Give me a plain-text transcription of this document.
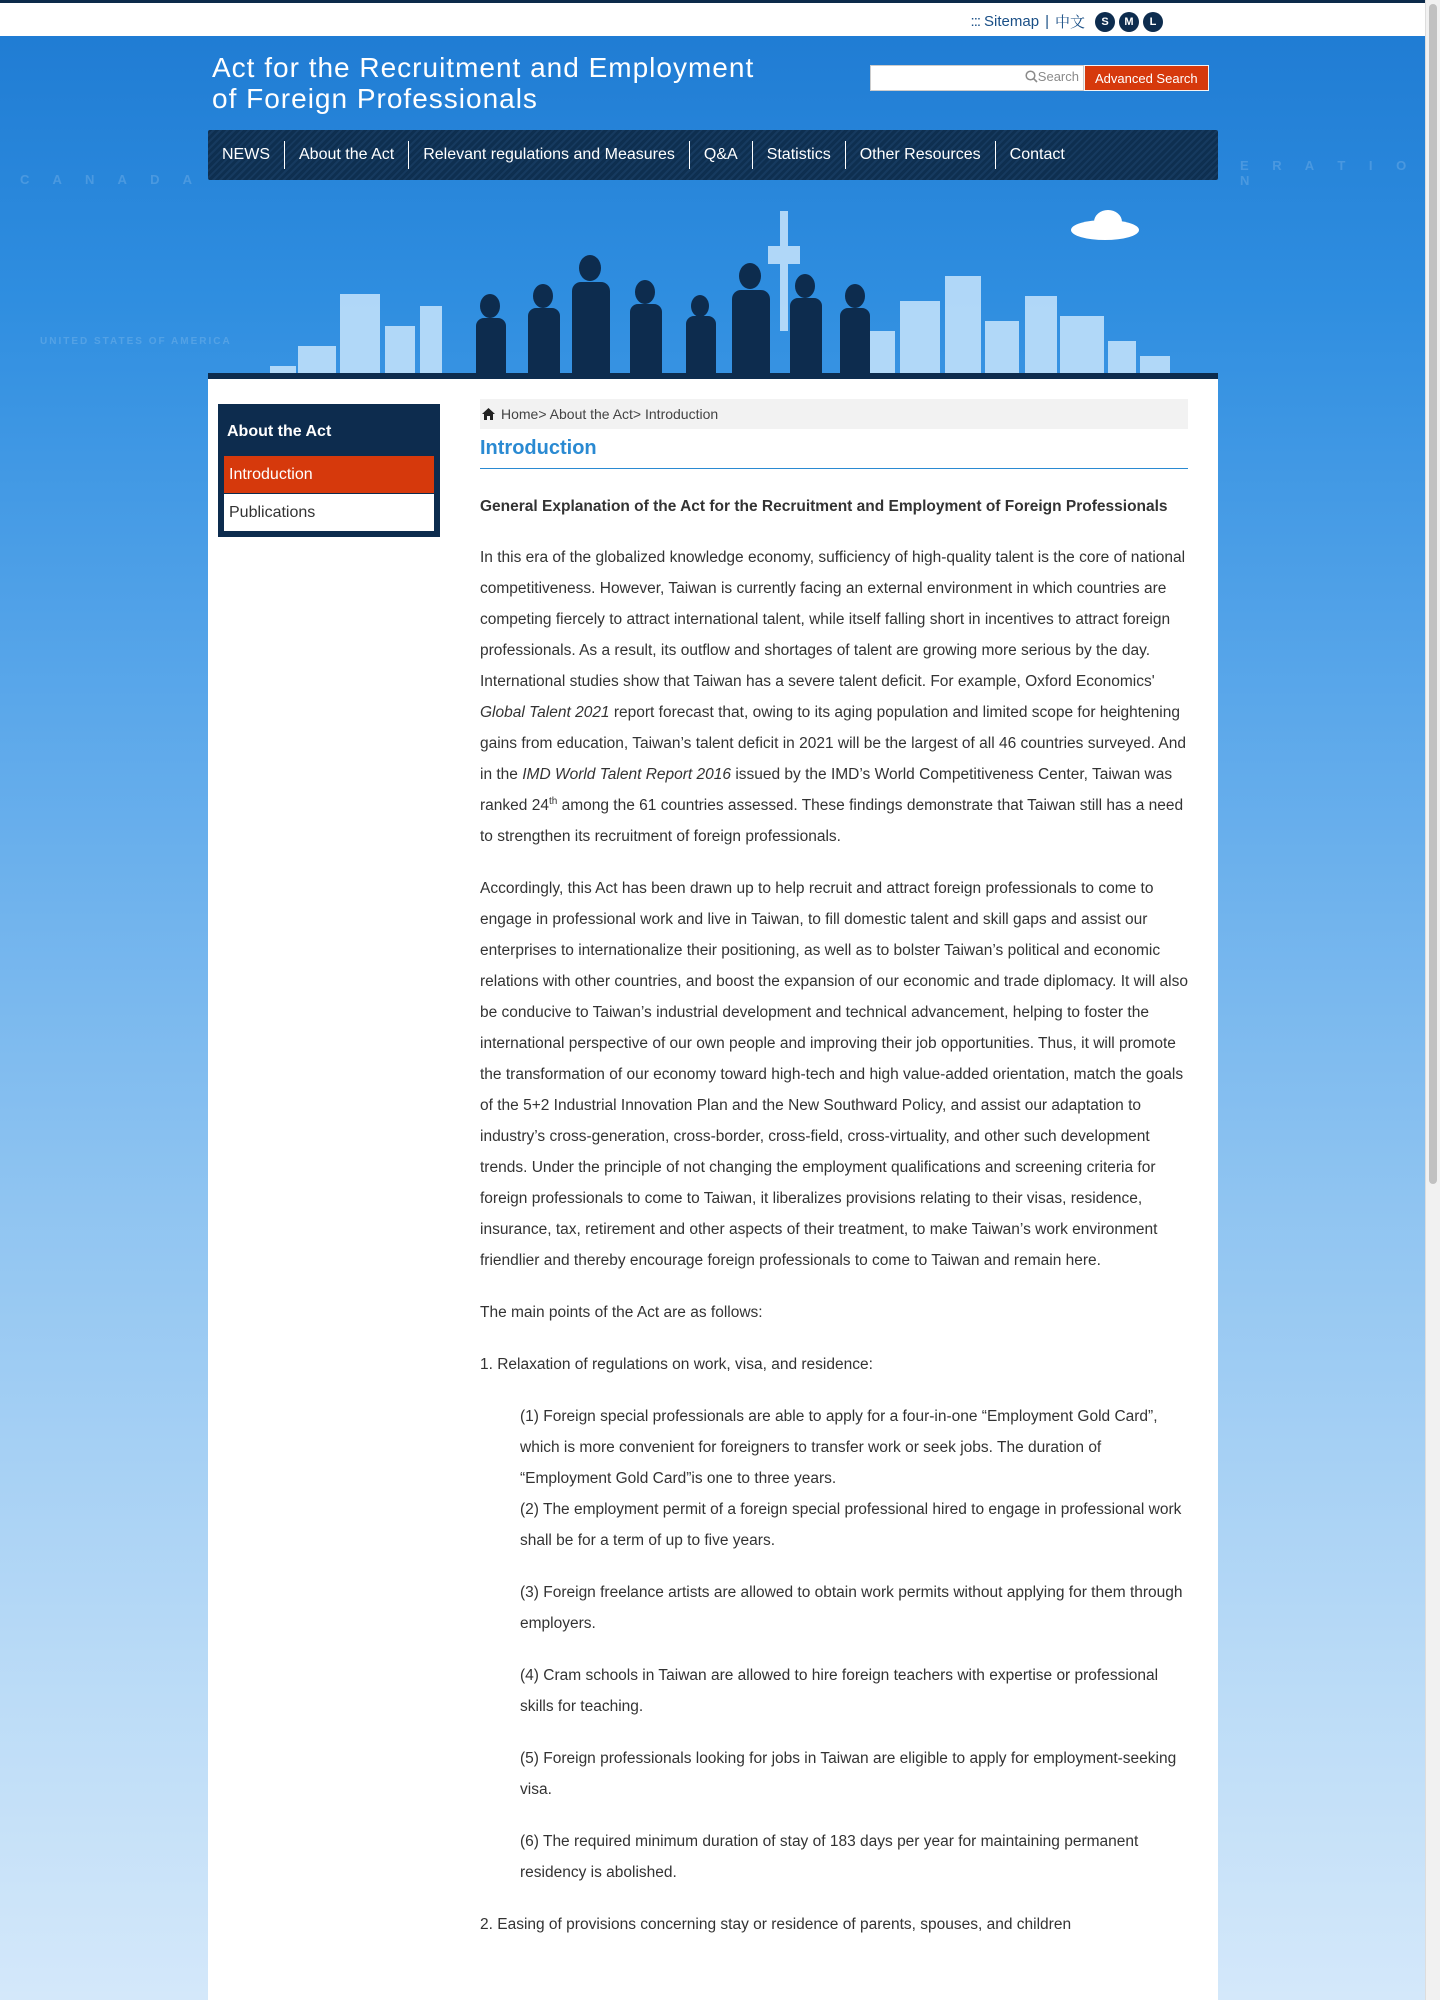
::: Sitemap | 中文	S	M	L
C A N A D A
E R A T I O N
UNITED STATES OF AMERICA
Act for the Recruitment and Employment
of Foreign Professionals
Search	Advanced Search
NEWS	About the Act	Relevant regulations and Measures	Q&A	Statistics	Other Resources	Contact
About the Act
Introduction
Publications
Home > About the Act> Introduction
Introduction

General Explanation of the Act for the Recruitment and Employment of Foreign Professionals

In this era of the globalized knowledge economy, sufficiency of high-quality talent is the core of national competitiveness. However, Taiwan is currently facing an external environment in which countries are competing fiercely to attract international talent, while itself falling short in incentives to attract foreign professionals. As a result, its outflow and shortages of talent are growing more serious by the day. International studies show that Taiwan has a severe talent deficit. For example, Oxford Economics' Global Talent 2021 report forecast that, owing to its aging population and limited scope for heightening gains from education, Taiwan’s talent deficit in 2021 will be the largest of all 46 countries surveyed. And in the IMD World Talent Report 2016 issued by the IMD’s World Competitiveness Center, Taiwan was ranked 24th among the 61 countries assessed. These findings demonstrate that Taiwan still has a need to strengthen its recruitment of foreign professionals.

Accordingly, this Act has been drawn up to help recruit and attract foreign professionals to come to engage in professional work and live in Taiwan, to fill domestic talent and skill gaps and assist our enterprises to internationalize their positioning, as well as to bolster Taiwan’s political and economic relations with other countries, and boost the expansion of our economic and trade diplomacy. It will also be conducive to Taiwan’s industrial development and technical advancement, helping to foster the international perspective of our own people and improving their job opportunities. Thus, it will promote the transformation of our economy toward high-tech and high value-added orientation, match the goals of the 5+2 Industrial Innovation Plan and the New Southward Policy, and assist our adaptation to industry’s cross-generation, cross-border, cross-field, cross-virtuality, and other such development trends. Under the principle of not changing the employment qualifications and screening criteria for foreign professionals to come to Taiwan, it liberalizes provisions relating to their visas, residence, insurance, tax, retirement and other aspects of their treatment, to make Taiwan’s work environment friendlier and thereby encourage foreign professionals to come to Taiwan and remain here.

The main points of the Act are as follows:

1. Relaxation of regulations on work, visa, and residence:

(1) Foreign special professionals are able to apply for a four-in-one “Employment Gold Card”, which is more convenient for foreigners to transfer work or seek jobs. The duration of “Employment Gold Card”is one to three years.

(2) The employment permit of a foreign special professional hired to engage in professional work shall be for a term of up to five years.

(3) Foreign freelance artists are allowed to obtain work permits without applying for them through employers.

(4) Cram schools in Taiwan are allowed to hire foreign teachers with expertise or professional skills for teaching.

(5) Foreign professionals looking for jobs in Taiwan are eligible to apply for employment-seeking visa.

(6) The required minimum duration of stay of 183 days per year for maintaining permanent residency is abolished.

2. Easing of provisions concerning stay or residence of parents, spouses, and children
